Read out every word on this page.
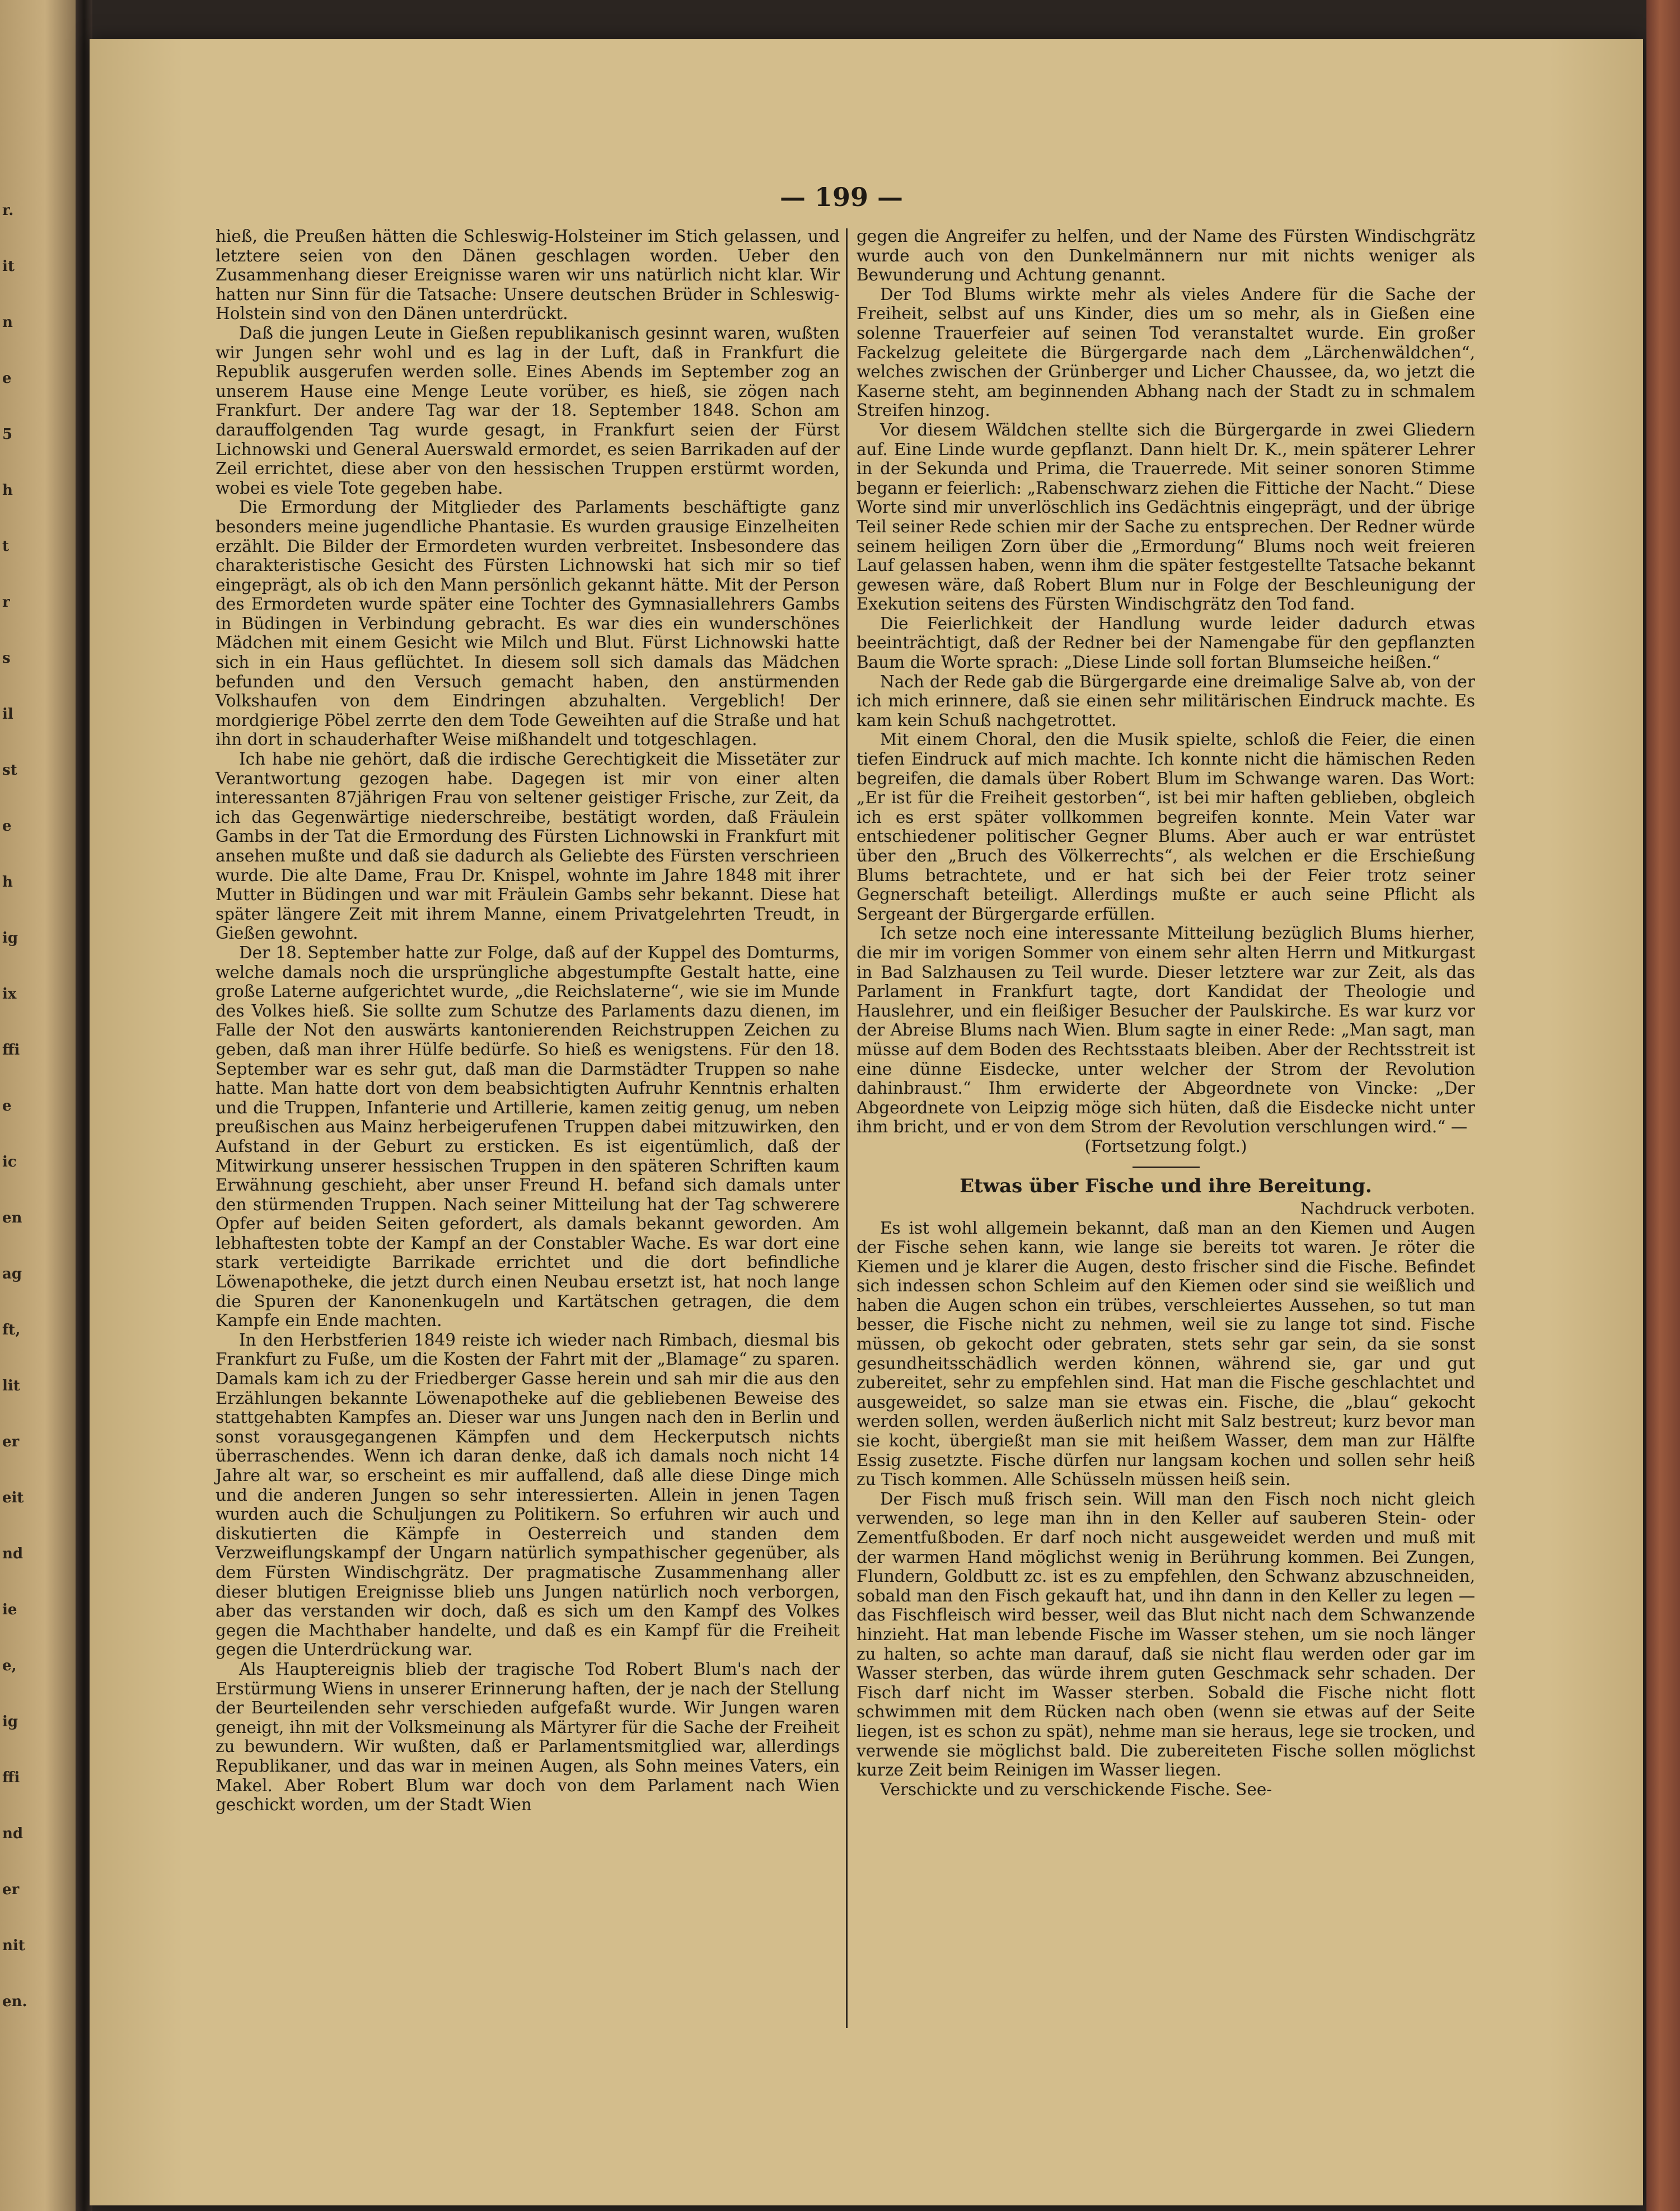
r.
it
n
e
5
h
t
r
s
il
st
e
h
ig
ix
ffi
e
ic
en
ag
ft,
lit
er
eit
nd
ie
e,
ig
ffi
nd
er
nit
en.
— 199 —

hieß, die Preußen hätten die Schleswig-Holsteiner im Stich gelassen, und letztere seien von den Dänen geschlagen worden. Ueber den Zusammenhang dieser Ereignisse waren wir uns natürlich nicht klar. Wir hatten nur Sinn für die Tatsache: Unsere deutschen Brüder in Schleswig-Holstein sind von den Dänen unterdrückt.

Daß die jungen Leute in Gießen republikanisch gesinnt waren, wußten wir Jungen sehr wohl und es lag in der Luft, daß in Frankfurt die Republik ausgerufen werden solle. Eines Abends im September zog an unserem Hause eine Menge Leute vorüber, es hieß, sie zögen nach Frankfurt. Der andere Tag war der 18. September 1848. Schon am darauffolgenden Tag wurde gesagt, in Frankfurt seien der Fürst Lichnowski und General Auerswald ermordet, es seien Barrikaden auf der Zeil errichtet, diese aber von den hessischen Truppen erstürmt worden, wobei es viele Tote gegeben habe.

Die Ermordung der Mitglieder des Parlaments beschäftigte ganz besonders meine jugendliche Phantasie. Es wurden grausige Einzelheiten erzählt. Die Bilder der Ermordeten wurden verbreitet. Insbesondere das charakteristische Gesicht des Fürsten Lichnowski hat sich mir so tief eingeprägt, als ob ich den Mann persönlich gekannt hätte. Mit der Person des Ermordeten wurde später eine Tochter des Gymnasiallehrers Gambs in Büdingen in Verbindung gebracht. Es war dies ein wunderschönes Mädchen mit einem Gesicht wie Milch und Blut. Fürst Lichnowski hatte sich in ein Haus geflüchtet. In diesem soll sich damals das Mädchen befunden und den Versuch gemacht haben, den anstürmenden Volkshaufen von dem Eindringen abzuhalten. Vergeblich! Der mordgierige Pöbel zerrte den dem Tode Geweihten auf die Straße und hat ihn dort in schauderhafter Weise mißhandelt und totgeschlagen.

Ich habe nie gehört, daß die irdische Gerechtigkeit die Missetäter zur Verantwortung gezogen habe. Dagegen ist mir von einer alten interessanten 87jährigen Frau von seltener geistiger Frische, zur Zeit, da ich das Gegenwärtige niederschreibe, bestätigt worden, daß Fräulein Gambs in der Tat die Ermordung des Fürsten Lichnowski in Frankfurt mit ansehen mußte und daß sie dadurch als Geliebte des Fürsten verschrieen wurde. Die alte Dame, Frau Dr. Knispel, wohnte im Jahre 1848 mit ihrer Mutter in Büdingen und war mit Fräulein Gambs sehr bekannt. Diese hat später längere Zeit mit ihrem Manne, einem Privatgelehrten Treudt, in Gießen gewohnt.

Der 18. September hatte zur Folge, daß auf der Kuppel des Domturms, welche damals noch die ursprüngliche abgestumpfte Gestalt hatte, eine große Laterne aufgerichtet wurde, „die Reichslaterne“, wie sie im Munde des Volkes hieß. Sie sollte zum Schutze des Parlaments dazu dienen, im Falle der Not den auswärts kantonierenden Reichstruppen Zeichen zu geben, daß man ihrer Hülfe bedürfe. So hieß es wenigstens. Für den 18. September war es sehr gut, daß man die Darmstädter Truppen so nahe hatte. Man hatte dort von dem beabsichtigten Aufruhr Kenntnis erhalten und die Truppen, Infanterie und Artillerie, kamen zeitig genug, um neben preußischen aus Mainz herbeigerufenen Truppen dabei mitzuwirken, den Aufstand in der Geburt zu ersticken. Es ist eigentümlich, daß der Mitwirkung unserer hessischen Truppen in den späteren Schriften kaum Erwähnung geschieht, aber unser Freund H. befand sich damals unter den stürmenden Truppen. Nach seiner Mitteilung hat der Tag schwerere Opfer auf beiden Seiten gefordert, als damals bekannt geworden. Am lebhaftesten tobte der Kampf an der Constabler Wache. Es war dort eine stark verteidigte Barrikade errichtet und die dort befindliche Löwenapotheke, die jetzt durch einen Neubau ersetzt ist, hat noch lange die Spuren der Kanonenkugeln und Kartätschen getragen, die dem Kampfe ein Ende machten.

In den Herbstferien 1849 reiste ich wieder nach Rimbach, diesmal bis Frankfurt zu Fuße, um die Kosten der Fahrt mit der „Blamage“ zu sparen. Damals kam ich zu der Friedberger Gasse herein und sah mir die aus den Erzählungen bekannte Löwenapotheke auf die gebliebenen Beweise des stattgehabten Kampfes an. Dieser war uns Jungen nach den in Berlin und sonst vorausgegangenen Kämpfen und dem Heckerputsch nichts überraschendes. Wenn ich daran denke, daß ich damals noch nicht 14 Jahre alt war, so erscheint es mir auffallend, daß alle diese Dinge mich und die anderen Jungen so sehr interessierten. Allein in jenen Tagen wurden auch die Schuljungen zu Politikern. So erfuhren wir auch und diskutierten die Kämpfe in Oesterreich und standen dem Verzweiflungskampf der Ungarn natürlich sympathischer gegenüber, als dem Fürsten Windischgrätz. Der pragmatische Zusammenhang aller dieser blutigen Ereignisse blieb uns Jungen natürlich noch verborgen, aber das verstanden wir doch, daß es sich um den Kampf des Volkes gegen die Machthaber handelte, und daß es ein Kampf für die Freiheit gegen die Unterdrückung war.

Als Hauptereignis blieb der tragische Tod Robert Blum's nach der Erstürmung Wiens in unserer Erinnerung haften, der je nach der Stellung der Beurteilenden sehr verschieden aufgefaßt wurde. Wir Jungen waren geneigt, ihn mit der Volksmeinung als Märtyrer für die Sache der Freiheit zu bewundern. Wir wußten, daß er Parlamentsmitglied war, allerdings Republikaner, und das war in meinen Augen, als Sohn meines Vaters, ein Makel. Aber Robert Blum war doch von dem Parlament nach Wien geschickt worden, um der Stadt Wien

gegen die Angreifer zu helfen, und der Name des Fürsten Windischgrätz wurde auch von den Dunkelmännern nur mit nichts weniger als Bewunderung und Achtung genannt.

Der Tod Blums wirkte mehr als vieles Andere für die Sache der Freiheit, selbst auf uns Kinder, dies um so mehr, als in Gießen eine solenne Trauerfeier auf seinen Tod veranstaltet wurde. Ein großer Fackelzug geleitete die Bürgergarde nach dem „Lärchenwäldchen“, welches zwischen der Grünberger und Licher Chaussee, da, wo jetzt die Kaserne steht, am beginnenden Abhang nach der Stadt zu in schmalem Streifen hinzog.

Vor diesem Wäldchen stellte sich die Bürgergarde in zwei Gliedern auf. Eine Linde wurde gepflanzt. Dann hielt Dr. K., mein späterer Lehrer in der Sekunda und Prima, die Trauerrede. Mit seiner sonoren Stimme begann er feierlich: „Rabenschwarz ziehen die Fittiche der Nacht.“ Diese Worte sind mir unverlöschlich ins Gedächtnis eingeprägt, und der übrige Teil seiner Rede schien mir der Sache zu entsprechen. Der Redner würde seinem heiligen Zorn über die „Ermordung“ Blums noch weit freieren Lauf gelassen haben, wenn ihm die später festgestellte Tatsache bekannt gewesen wäre, daß Robert Blum nur in Folge der Beschleunigung der Exekution seitens des Fürsten Windischgrätz den Tod fand.

Die Feierlichkeit der Handlung wurde leider dadurch etwas beeinträchtigt, daß der Redner bei der Namengabe für den gepflanzten Baum die Worte sprach: „Diese Linde soll fortan Blumseiche heißen.“

Nach der Rede gab die Bürgergarde eine dreimalige Salve ab, von der ich mich erinnere, daß sie einen sehr militärischen Eindruck machte. Es kam kein Schuß nachgetrottet.

Mit einem Choral, den die Musik spielte, schloß die Feier, die einen tiefen Eindruck auf mich machte. Ich konnte nicht die hämischen Reden begreifen, die damals über Robert Blum im Schwange waren. Das Wort: „Er ist für die Freiheit gestorben“, ist bei mir haften geblieben, obgleich ich es erst später vollkommen begreifen konnte. Mein Vater war entschiedener politischer Gegner Blums. Aber auch er war entrüstet über den „Bruch des Völkerrechts“, als welchen er die Erschießung Blums betrachtete, und er hat sich bei der Feier trotz seiner Gegnerschaft beteiligt. Allerdings mußte er auch seine Pflicht als Sergeant der Bürgergarde erfüllen.

Ich setze noch eine interessante Mitteilung bezüglich Blums hierher, die mir im vorigen Sommer von einem sehr alten Herrn und Mitkurgast in Bad Salzhausen zu Teil wurde. Dieser letztere war zur Zeit, als das Parlament in Frankfurt tagte, dort Kandidat der Theologie und Hauslehrer, und ein fleißiger Besucher der Paulskirche. Es war kurz vor der Abreise Blums nach Wien. Blum sagte in einer Rede: „Man sagt, man müsse auf dem Boden des Rechtsstaats bleiben. Aber der Rechtsstreit ist eine dünne Eisdecke, unter welcher der Strom der Revolution dahinbraust.“ Ihm erwiderte der Abgeordnete von Vincke: „Der Abgeordnete von Leipzig möge sich hüten, daß die Eisdecke nicht unter ihm bricht, und er von dem Strom der Revolution verschlungen wird.“ —

(Fortsetzung folgt.)

Etwas über Fische und ihre Bereitung.

Nachdruck verboten.

Es ist wohl allgemein bekannt, daß man an den Kiemen und Augen der Fische sehen kann, wie lange sie bereits tot waren. Je röter die Kiemen und je klarer die Augen, desto frischer sind die Fische. Befindet sich indessen schon Schleim auf den Kiemen oder sind sie weißlich und haben die Augen schon ein trübes, verschleiertes Aussehen, so tut man besser, die Fische nicht zu nehmen, weil sie zu lange tot sind. Fische müssen, ob gekocht oder gebraten, stets sehr gar sein, da sie sonst gesundheitsschädlich werden können, während sie, gar und gut zubereitet, sehr zu empfehlen sind. Hat man die Fische geschlachtet und ausgeweidet, so salze man sie etwas ein. Fische, die „blau“ gekocht werden sollen, werden äußerlich nicht mit Salz bestreut; kurz bevor man sie kocht, übergießt man sie mit heißem Wasser, dem man zur Hälfte Essig zusetzte. Fische dürfen nur langsam kochen und sollen sehr heiß zu Tisch kommen. Alle Schüsseln müssen heiß sein.

Der Fisch muß frisch sein. Will man den Fisch noch nicht gleich verwenden, so lege man ihn in den Keller auf sauberen Stein- oder Zementfußboden. Er darf noch nicht ausgeweidet werden und muß mit der warmen Hand möglichst wenig in Berührung kommen. Bei Zungen, Flundern, Goldbutt zc. ist es zu empfehlen, den Schwanz abzuschneiden, sobald man den Fisch gekauft hat, und ihn dann in den Keller zu legen — das Fischfleisch wird besser, weil das Blut nicht nach dem Schwanzende hinzieht. Hat man lebende Fische im Wasser stehen, um sie noch länger zu halten, so achte man darauf, daß sie nicht flau werden oder gar im Wasser sterben, das würde ihrem guten Geschmack sehr schaden. Der Fisch darf nicht im Wasser sterben. Sobald die Fische nicht flott schwimmen mit dem Rücken nach oben (wenn sie etwas auf der Seite liegen, ist es schon zu spät), nehme man sie heraus, lege sie trocken, und verwende sie möglichst bald. Die zubereiteten Fische sollen möglichst kurze Zeit beim Reinigen im Wasser liegen.

Verschickte und zu verschickende Fische. See-
